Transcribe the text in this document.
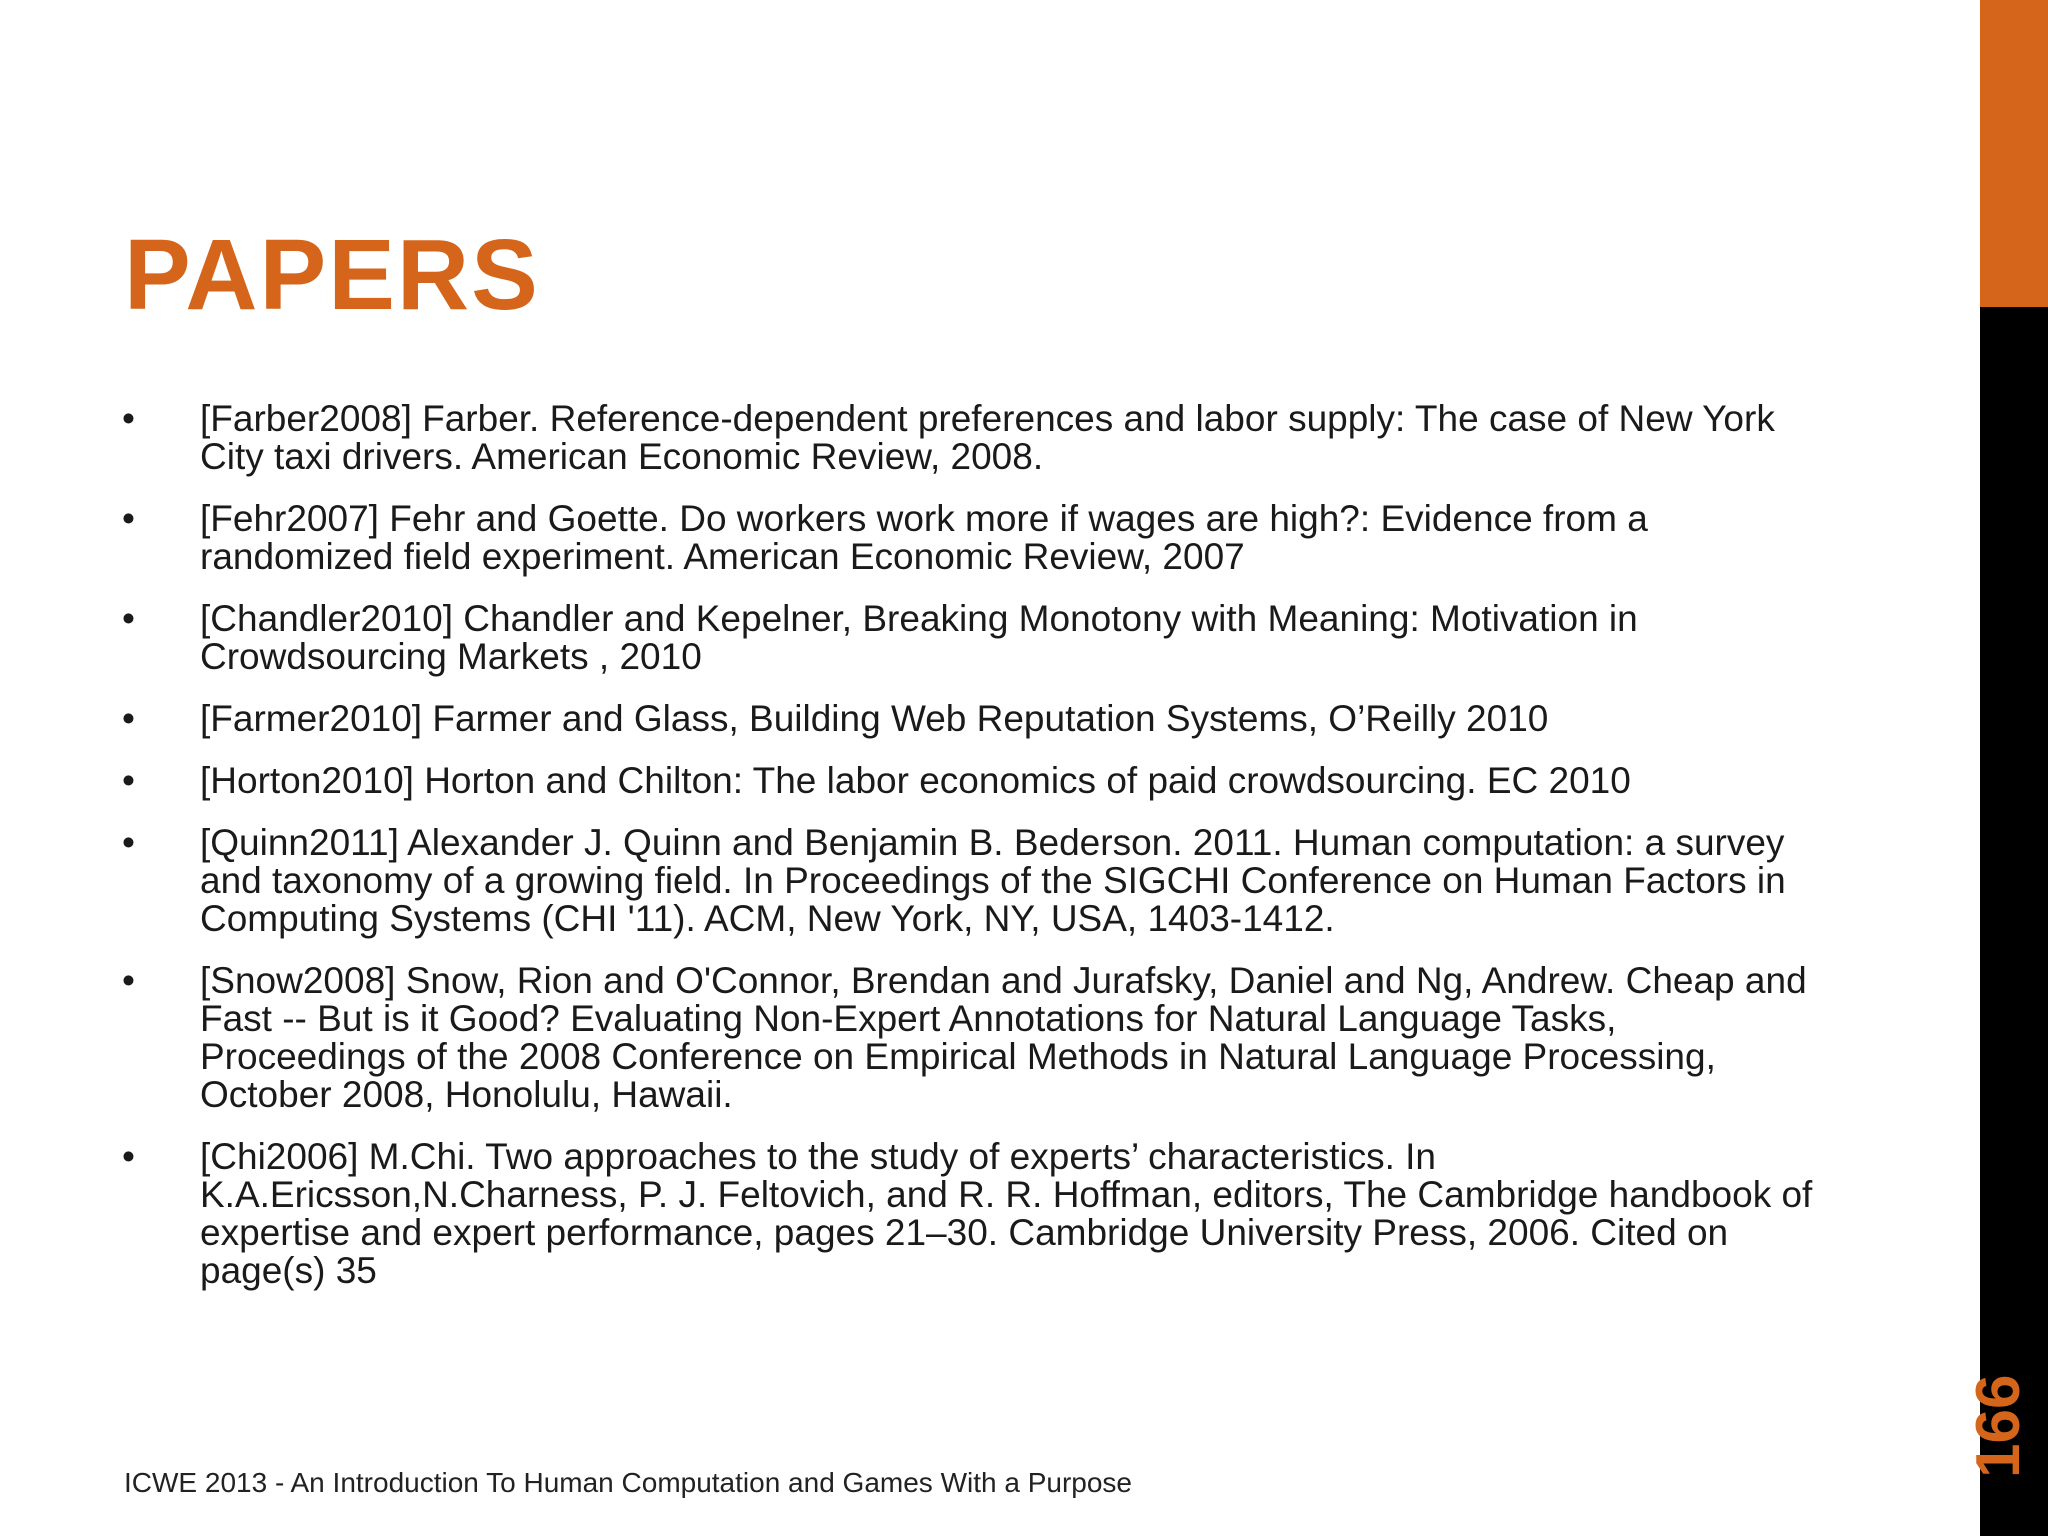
PAPERS
• [Farber2008] Farber. Reference-dependent preferences and labor supply: The case of New York City taxi drivers. American Economic Review, 2008.
• [Fehr2007] Fehr and Goette. Do workers work more if wages are high?: Evidence from a randomized field experiment. American Economic Review, 2007
• [Chandler2010] Chandler and Kepelner, Breaking Monotony with Meaning: Motivation in Crowdsourcing Markets , 2010
• [Farmer2010] Farmer and Glass, Building Web Reputation Systems, O’Reilly 2010
• [Horton2010] Horton and Chilton: The labor economics of paid crowdsourcing. EC 2010
• [Quinn2011] Alexander J. Quinn and Benjamin B. Bederson. 2011. Human computation: a survey and taxonomy of a growing field. In Proceedings of the SIGCHI Conference on Human Factors in Computing Systems (CHI '11). ACM, New York, NY, USA, 1403-1412.
• [Snow2008] Snow, Rion and O'Connor, Brendan and Jurafsky, Daniel and Ng, Andrew. Cheap and Fast -- But is it Good? Evaluating Non-Expert Annotations for Natural Language Tasks, Proceedings of the 2008 Conference on Empirical Methods in Natural Language Processing, October 2008, Honolulu, Hawaii.
• [Chi2006] M.Chi. Two approaches to the study of experts’ characteristics. In K.A.Ericsson,N.Charness, P. J. Feltovich, and R. R. Hoffman, editors, The Cambridge handbook of expertise and expert performance, pages 21–30. Cambridge University Press, 2006. Cited on page(s) 35
ICWE 2013 - An Introduction To Human Computation and Games With a Purpose
166
